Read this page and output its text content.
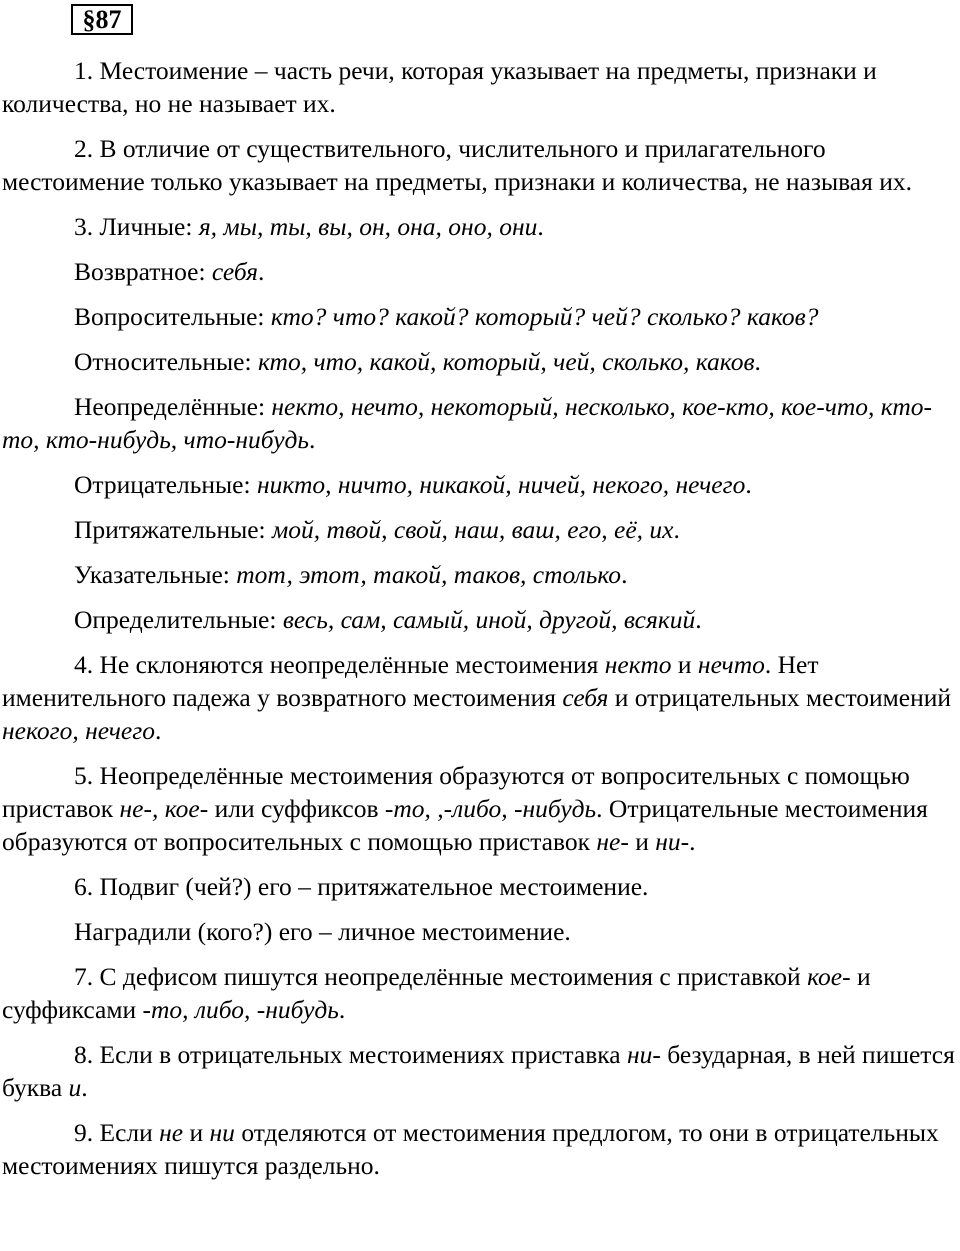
§87

1. Местоимение – часть речи, которая указывает на предметы, признаки и количества, но не называет их.

2. В отличие от существительного, числительного и прилагательного местоимение только указывает на предметы, признаки и количества, не называя их.

3. Личные: я, мы, ты, вы, он, она, оно, они.

Возвратное: себя.

Вопросительные: кто? что? какой? который? чей? сколько? каков?

Относительные: кто, что, какой, который, чей, сколько, каков.

Неопределённые: некто, нечто, некоторый, несколько, кое-кто, кое-что, кто-то, кто-нибудь, что-нибудь.

Отрицательные: никто, ничто, никакой, ничей, некого, нечего.

Притяжательные: мой, твой, свой, наш, ваш, его, её, их.

Указательные: тот, этот, такой, таков, столько.

Определительные: весь, сам, самый, иной, другой, всякий.

4. Не склоняются неопределённые местоимения некто и нечто. Нет именительного падежа у возвратного местоимения себя и отрицательных местоимений некого, нечего.

5. Неопределённые местоимения образуются от вопросительных с помощью приставок не-, кое- или суффиксов -то, ,-либо, -нибудь. Отрицательные местоимения образуются от вопросительных с помощью приставок не- и ни-.

6. Подвиг (чей?) его – притяжательное местоимение.

Наградили (кого?) его – личное местоимение.

7. С дефисом пишутся неопределённые местоимения с приставкой кое- и суффиксами -то, либо, -нибудь.

8. Если в отрицательных местоимениях приставка ни- безударная, в ней пишется буква и.

9. Если не и ни отделяются от местоимения предлогом, то они в отрицательных местоимениях пишутся раздельно.
